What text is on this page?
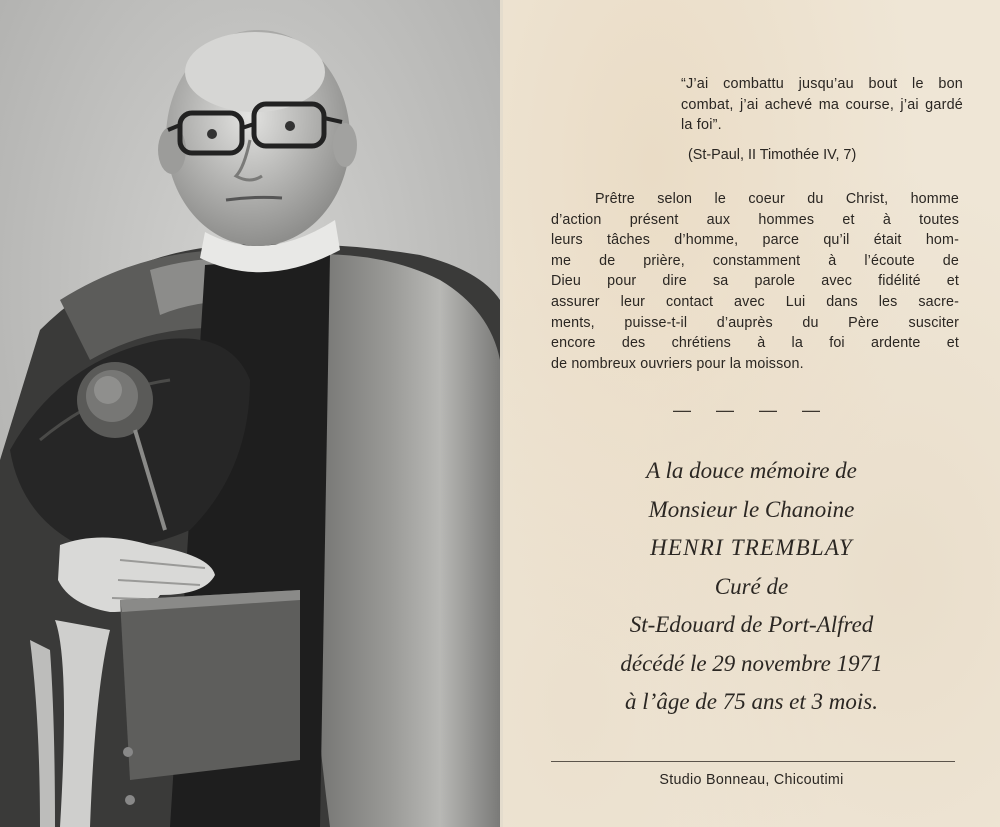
“J’ai combattu jusqu’au bout le bon combat, j’ai achevé ma course, j’ai gardé la foi”.

(St-Paul, II Timothée IV, 7)

Prêtre selon le coeur du Christ, homme
d’action présent aux hommes et à toutes
leurs tâches d’homme, parce qu’il était hom-
me de prière, constamment à l’écoute de
Dieu pour dire sa parole avec fidélité et
assurer leur contact avec Lui dans les sacre-
ments, puisse-t-il d’auprès du Père susciter
encore des chrétiens à la foi ardente et
de nombreux ouvriers pour la moisson.
— — — —
A la douce mémoire de
Monsieur le Chanoine
HENRI TREMBLAY
Curé de
St-Edouard de Port-Alfred
décédé le 29 novembre 1971
à l’âge de 75 ans et 3 mois.
Studio Bonneau, Chicoutimi
